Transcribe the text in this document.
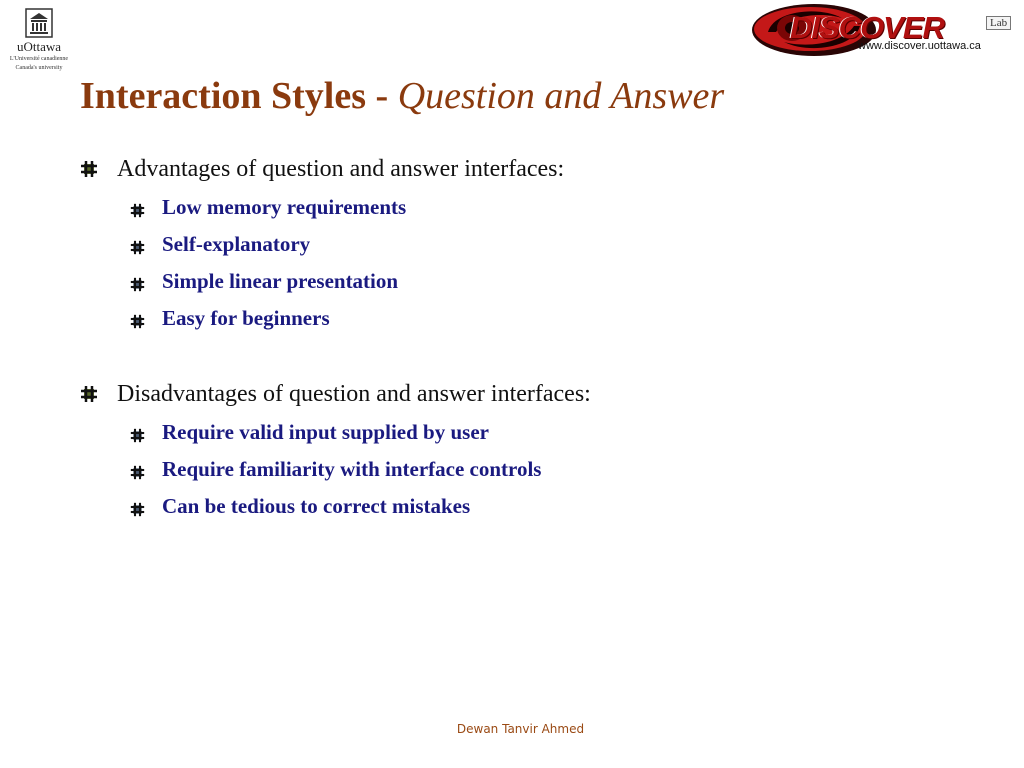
uOttawa
L'Université canadienne
Canada's university
DISCOVER	Lab
www.discover.uottawa.ca
Interaction Styles - Question and Answer
Advantages of question and answer interfaces:
Low memory requirements
Self-explanatory
Simple linear presentation
Easy for beginners
Disadvantages of question and answer interfaces:
Require valid input supplied by user
Require familiarity with interface controls
Can be tedious to correct mistakes
Dewan Tanvir Ahmed
